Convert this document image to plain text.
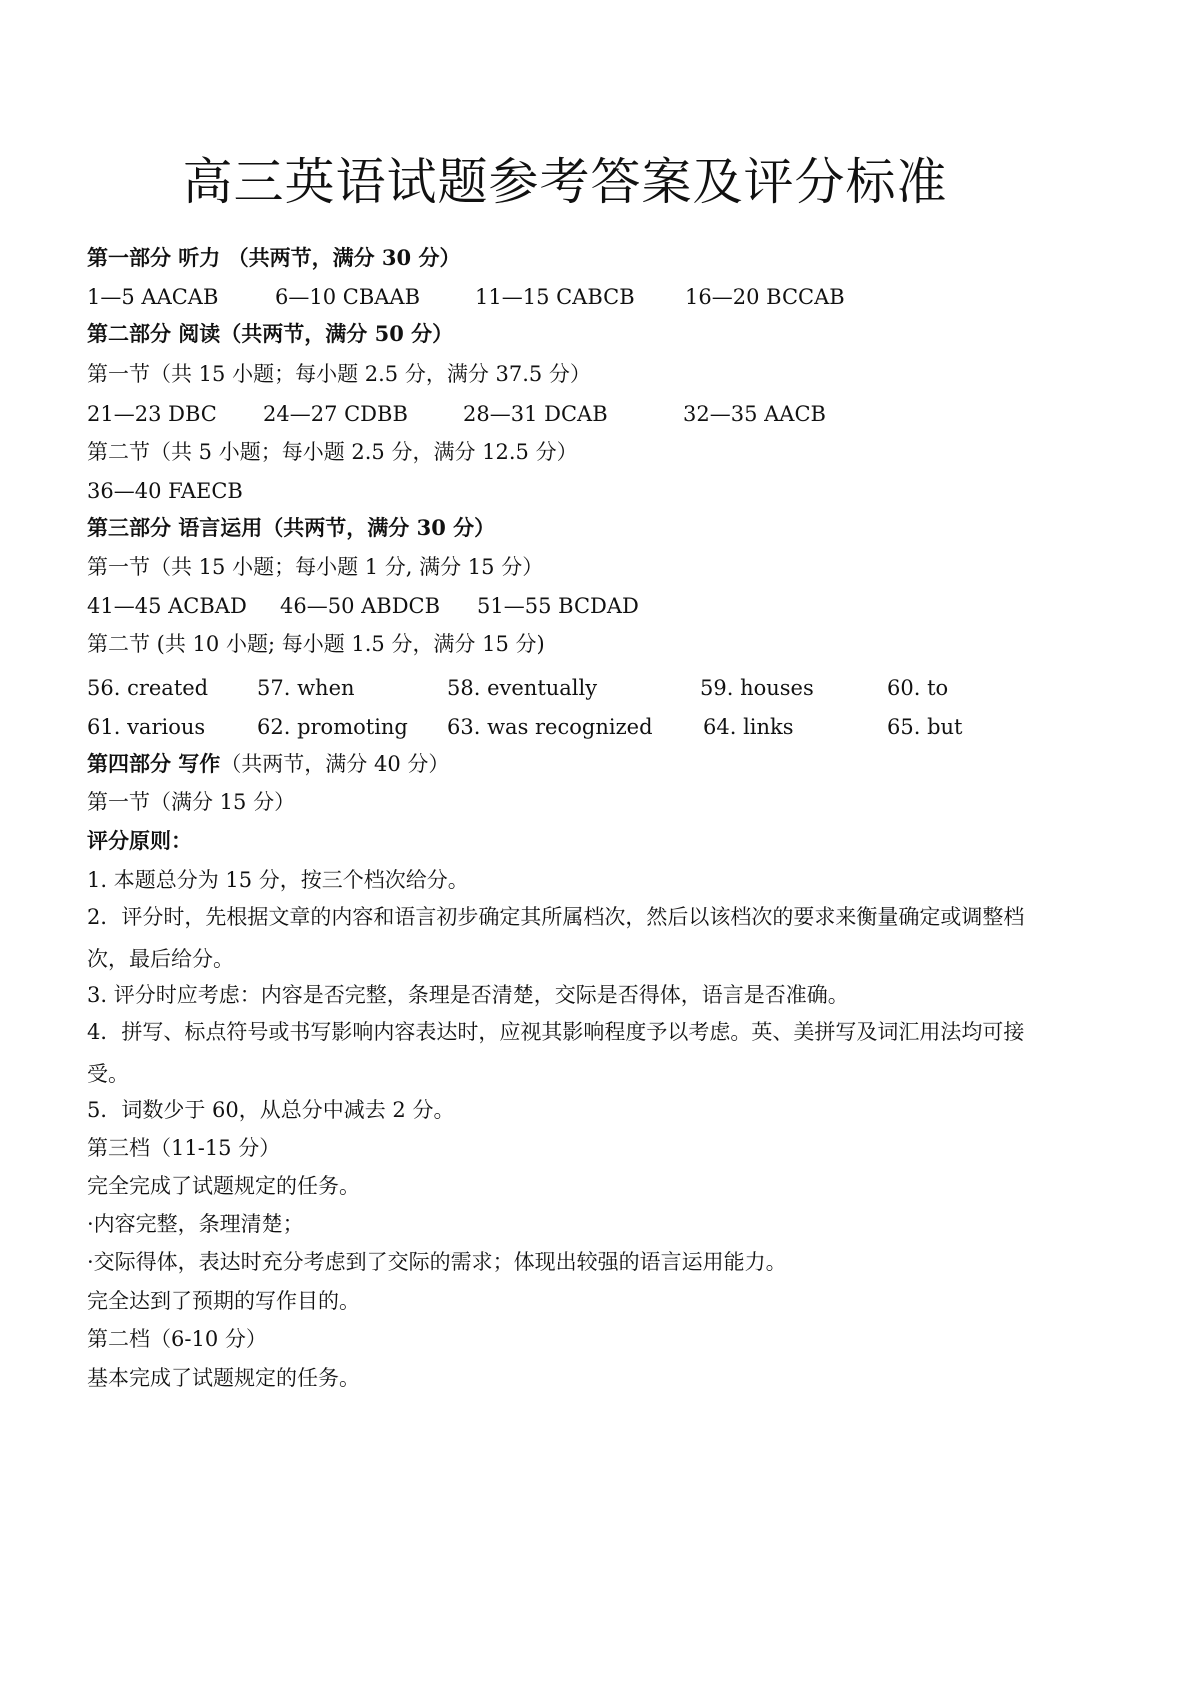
高三英语试题参考答案及评分标准
第一部分 听力 （共两节，满分 30 分）
1—5 AACAB	6—10 CBAAB	11—15 CABCB 16—20 BCCAB
第二部分 阅读（共两节，满分 50 分）
第一节（共 15 小题；每小题 2.5 分，满分 37.5 分）
21—23 DBC 24—27 CDBB	28—31 DCAB	32—35 AACB
第二节（共 5 小题；每小题 2.5 分，满分 12.5 分）
36—40 FAECB
第三部分 语言运用（共两节，满分 30 分）
第一节（共 15 小题；每小题 1 分, 满分 15 分）
41—45 ACBAD 46—50 ABDCB 51—55 BCDAD
第二节 (共 10 小题; 每小题 1.5 分，满分 15 分)
56. created 57. when	58. eventually	59. houses	60. to
61. various 62. promoting 63. was recognized 64. links	65. but
第四部分 写作（共两节，满分 40 分）
第一节（满分 15 分）
评分原则：
1. 本题总分为 15 分，按三个档次给分。

2．评分时，先根据文章的内容和语言初步确定其所属档次，然后以该档次的要求来衡量确定或调整档次，最后给分。

3. 评分时应考虑：内容是否完整，条理是否清楚，交际是否得体，语言是否准确。

4．拼写、标点符号或书写影响内容表达时，应视其影响程度予以考虑。英、美拼写及词汇用法均可接受。

5．词数少于 60，从总分中减去 2 分。
第三档（11-15 分）
完全完成了试题规定的任务。
·内容完整，条理清楚；
·交际得体，表达时充分考虑到了交际的需求；体现出较强的语言运用能力。
完全达到了预期的写作目的。
第二档（6-10 分）
基本完成了试题规定的任务。
